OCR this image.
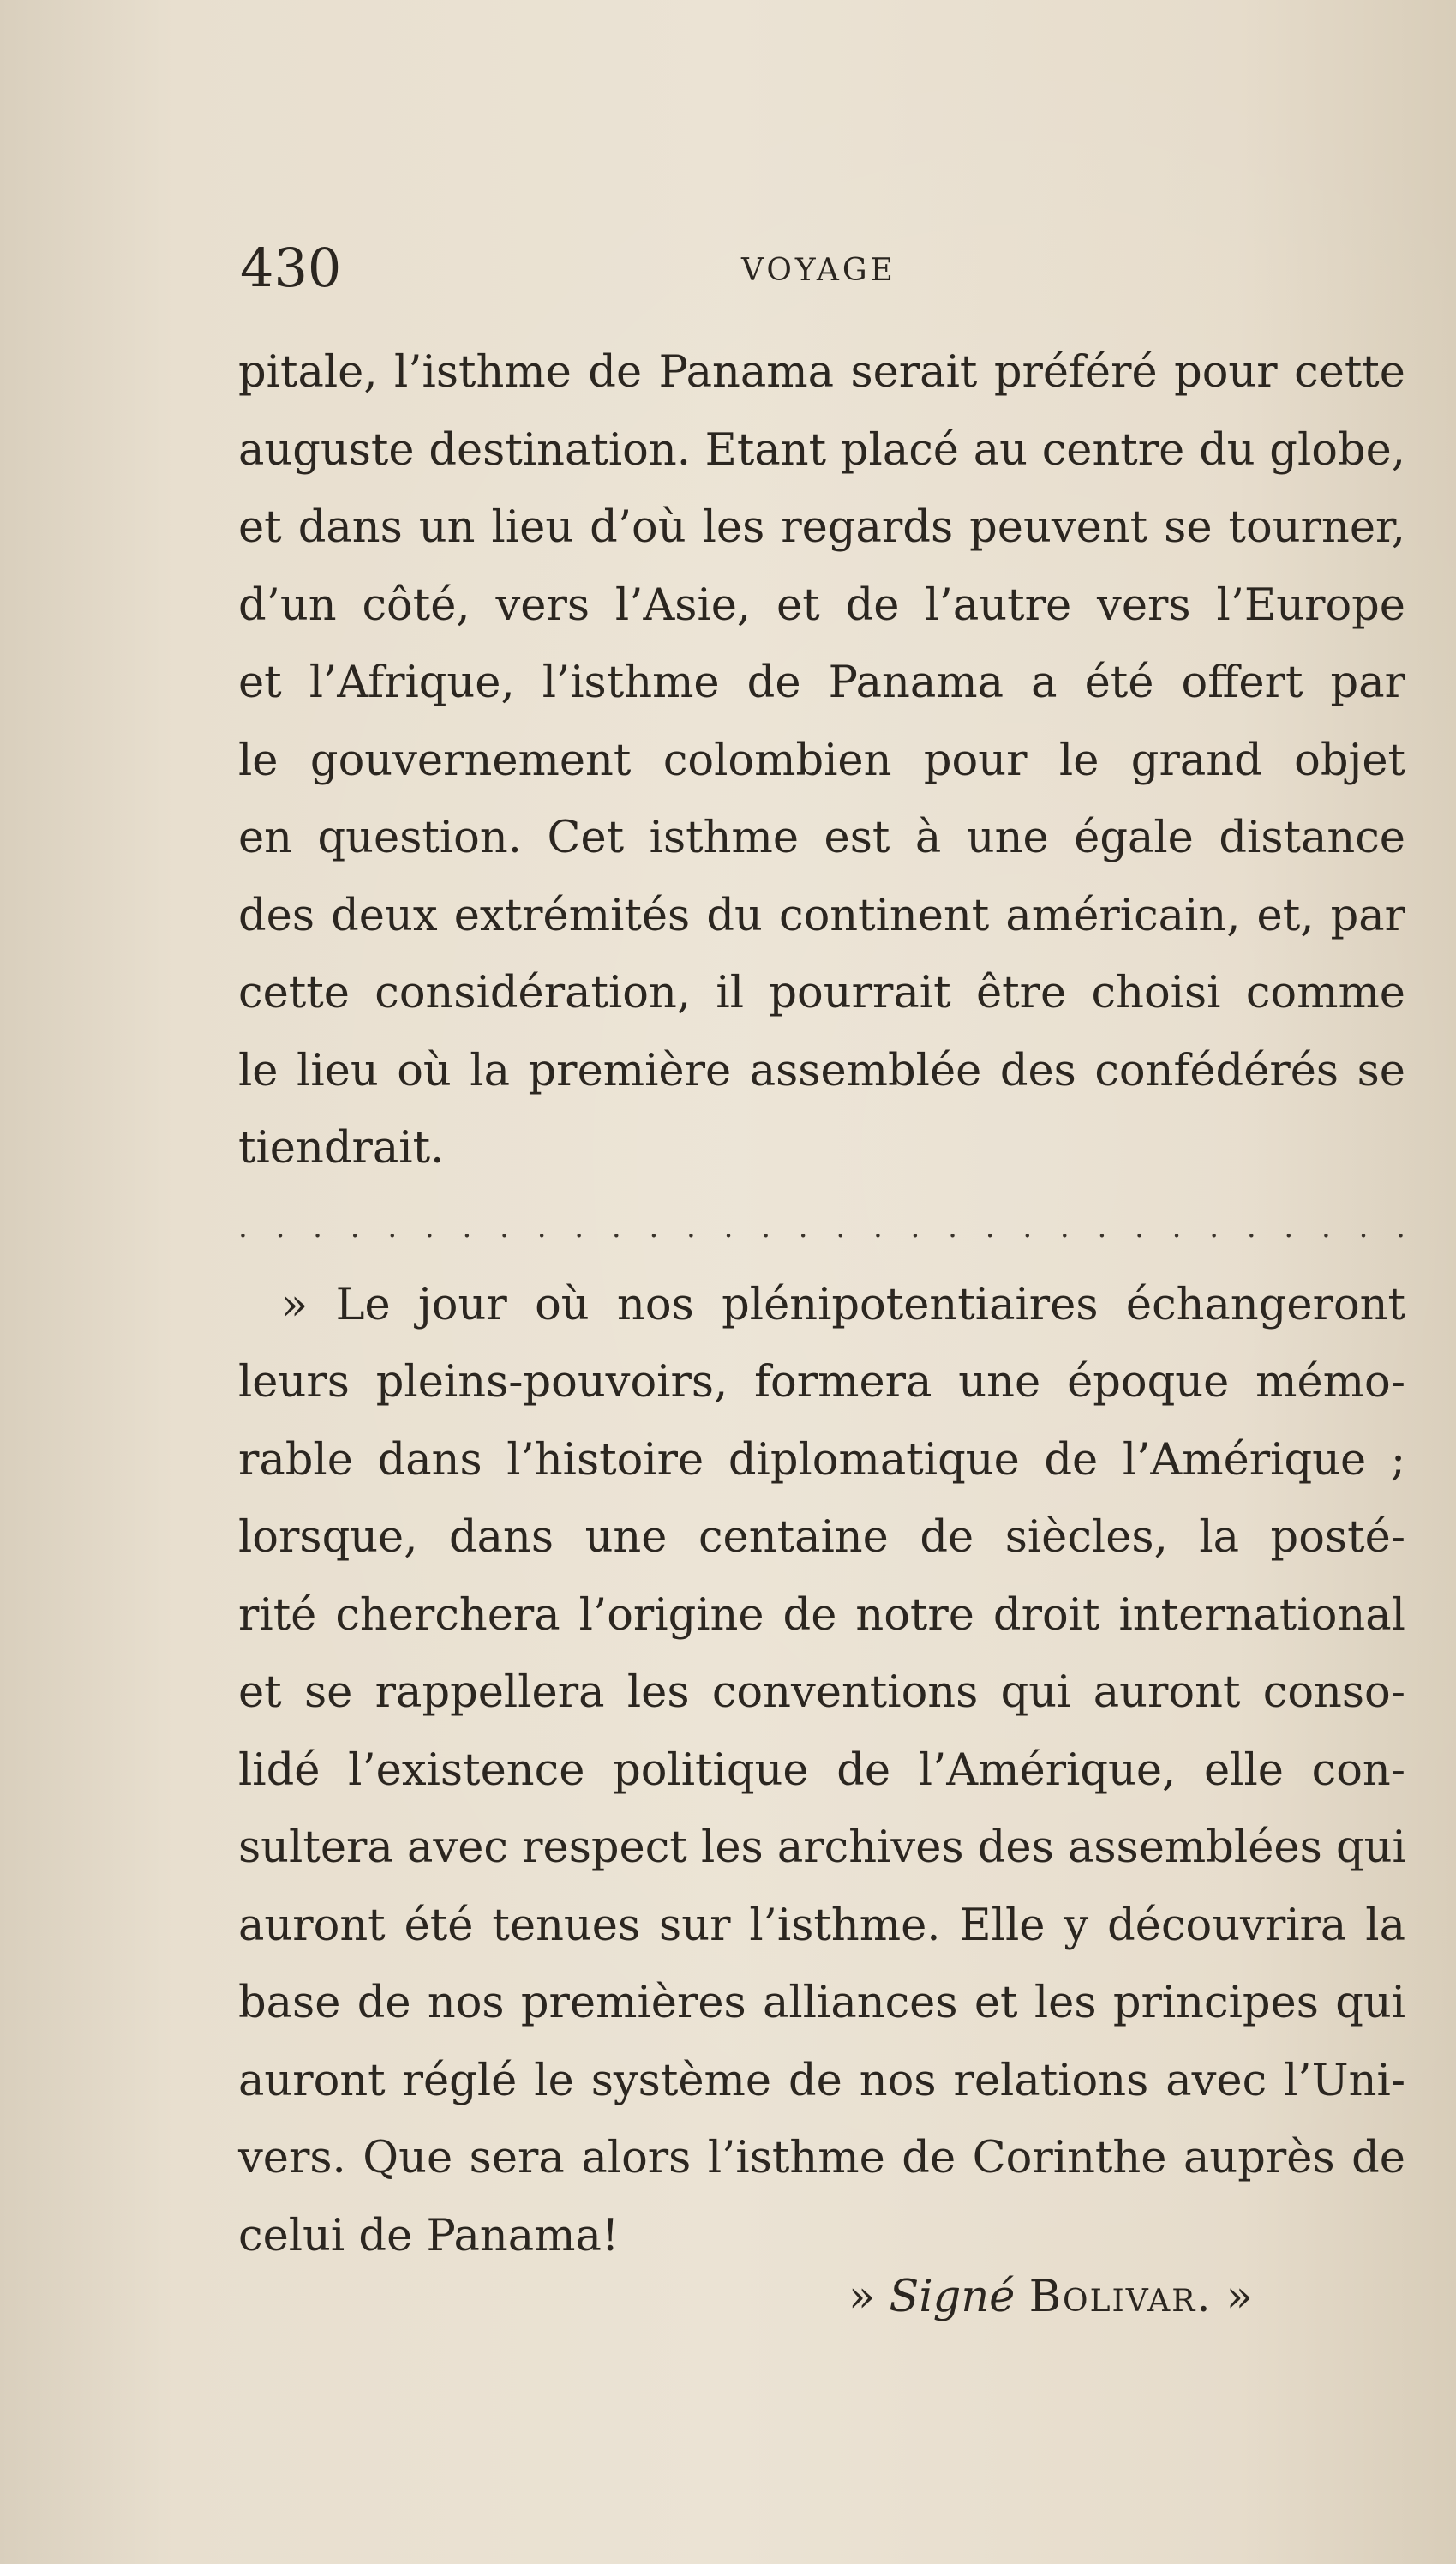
430	VOYAGE
pitale, l’isthme de Panama serait préféré pour cette
auguste destination. Etant placé au centre du globe,
et dans un lieu d’où les regards peuvent se tourner,
d’un côté, vers l’Asie, et de l’autre vers l’Europe
et l’Afrique, l’isthme de Panama a été offert par
le gouvernement colombien pour le grand objet
en question. Cet isthme est à une égale distance
des deux extrémités du continent américain, et, par
cette considération, il pourrait être choisi comme
le lieu où la première assemblée des confédérés se
tiendrait.
. . . . . . . . . . . . . . . . . . . . . . . . . . . . . . . .
» Le jour où nos plénipotentiaires échangeront
leurs pleins-pouvoirs, formera une époque mémo-
rable dans l’histoire diplomatique de l’Amérique ;
lorsque, dans une centaine de siècles, la posté-
rité cherchera l’origine de notre droit international
et se rappellera les conventions qui auront conso-
lidé l’existence politique de l’Amérique, elle con-
sultera avec respect les archives des assemblées qui
auront été tenues sur l’isthme. Elle y découvrira la
base de nos premières alliances et les principes qui
auront réglé le système de nos relations avec l’Uni-
vers. Que sera alors l’isthme de Corinthe auprès de
celui de Panama!
» Signé Bolivar. »
